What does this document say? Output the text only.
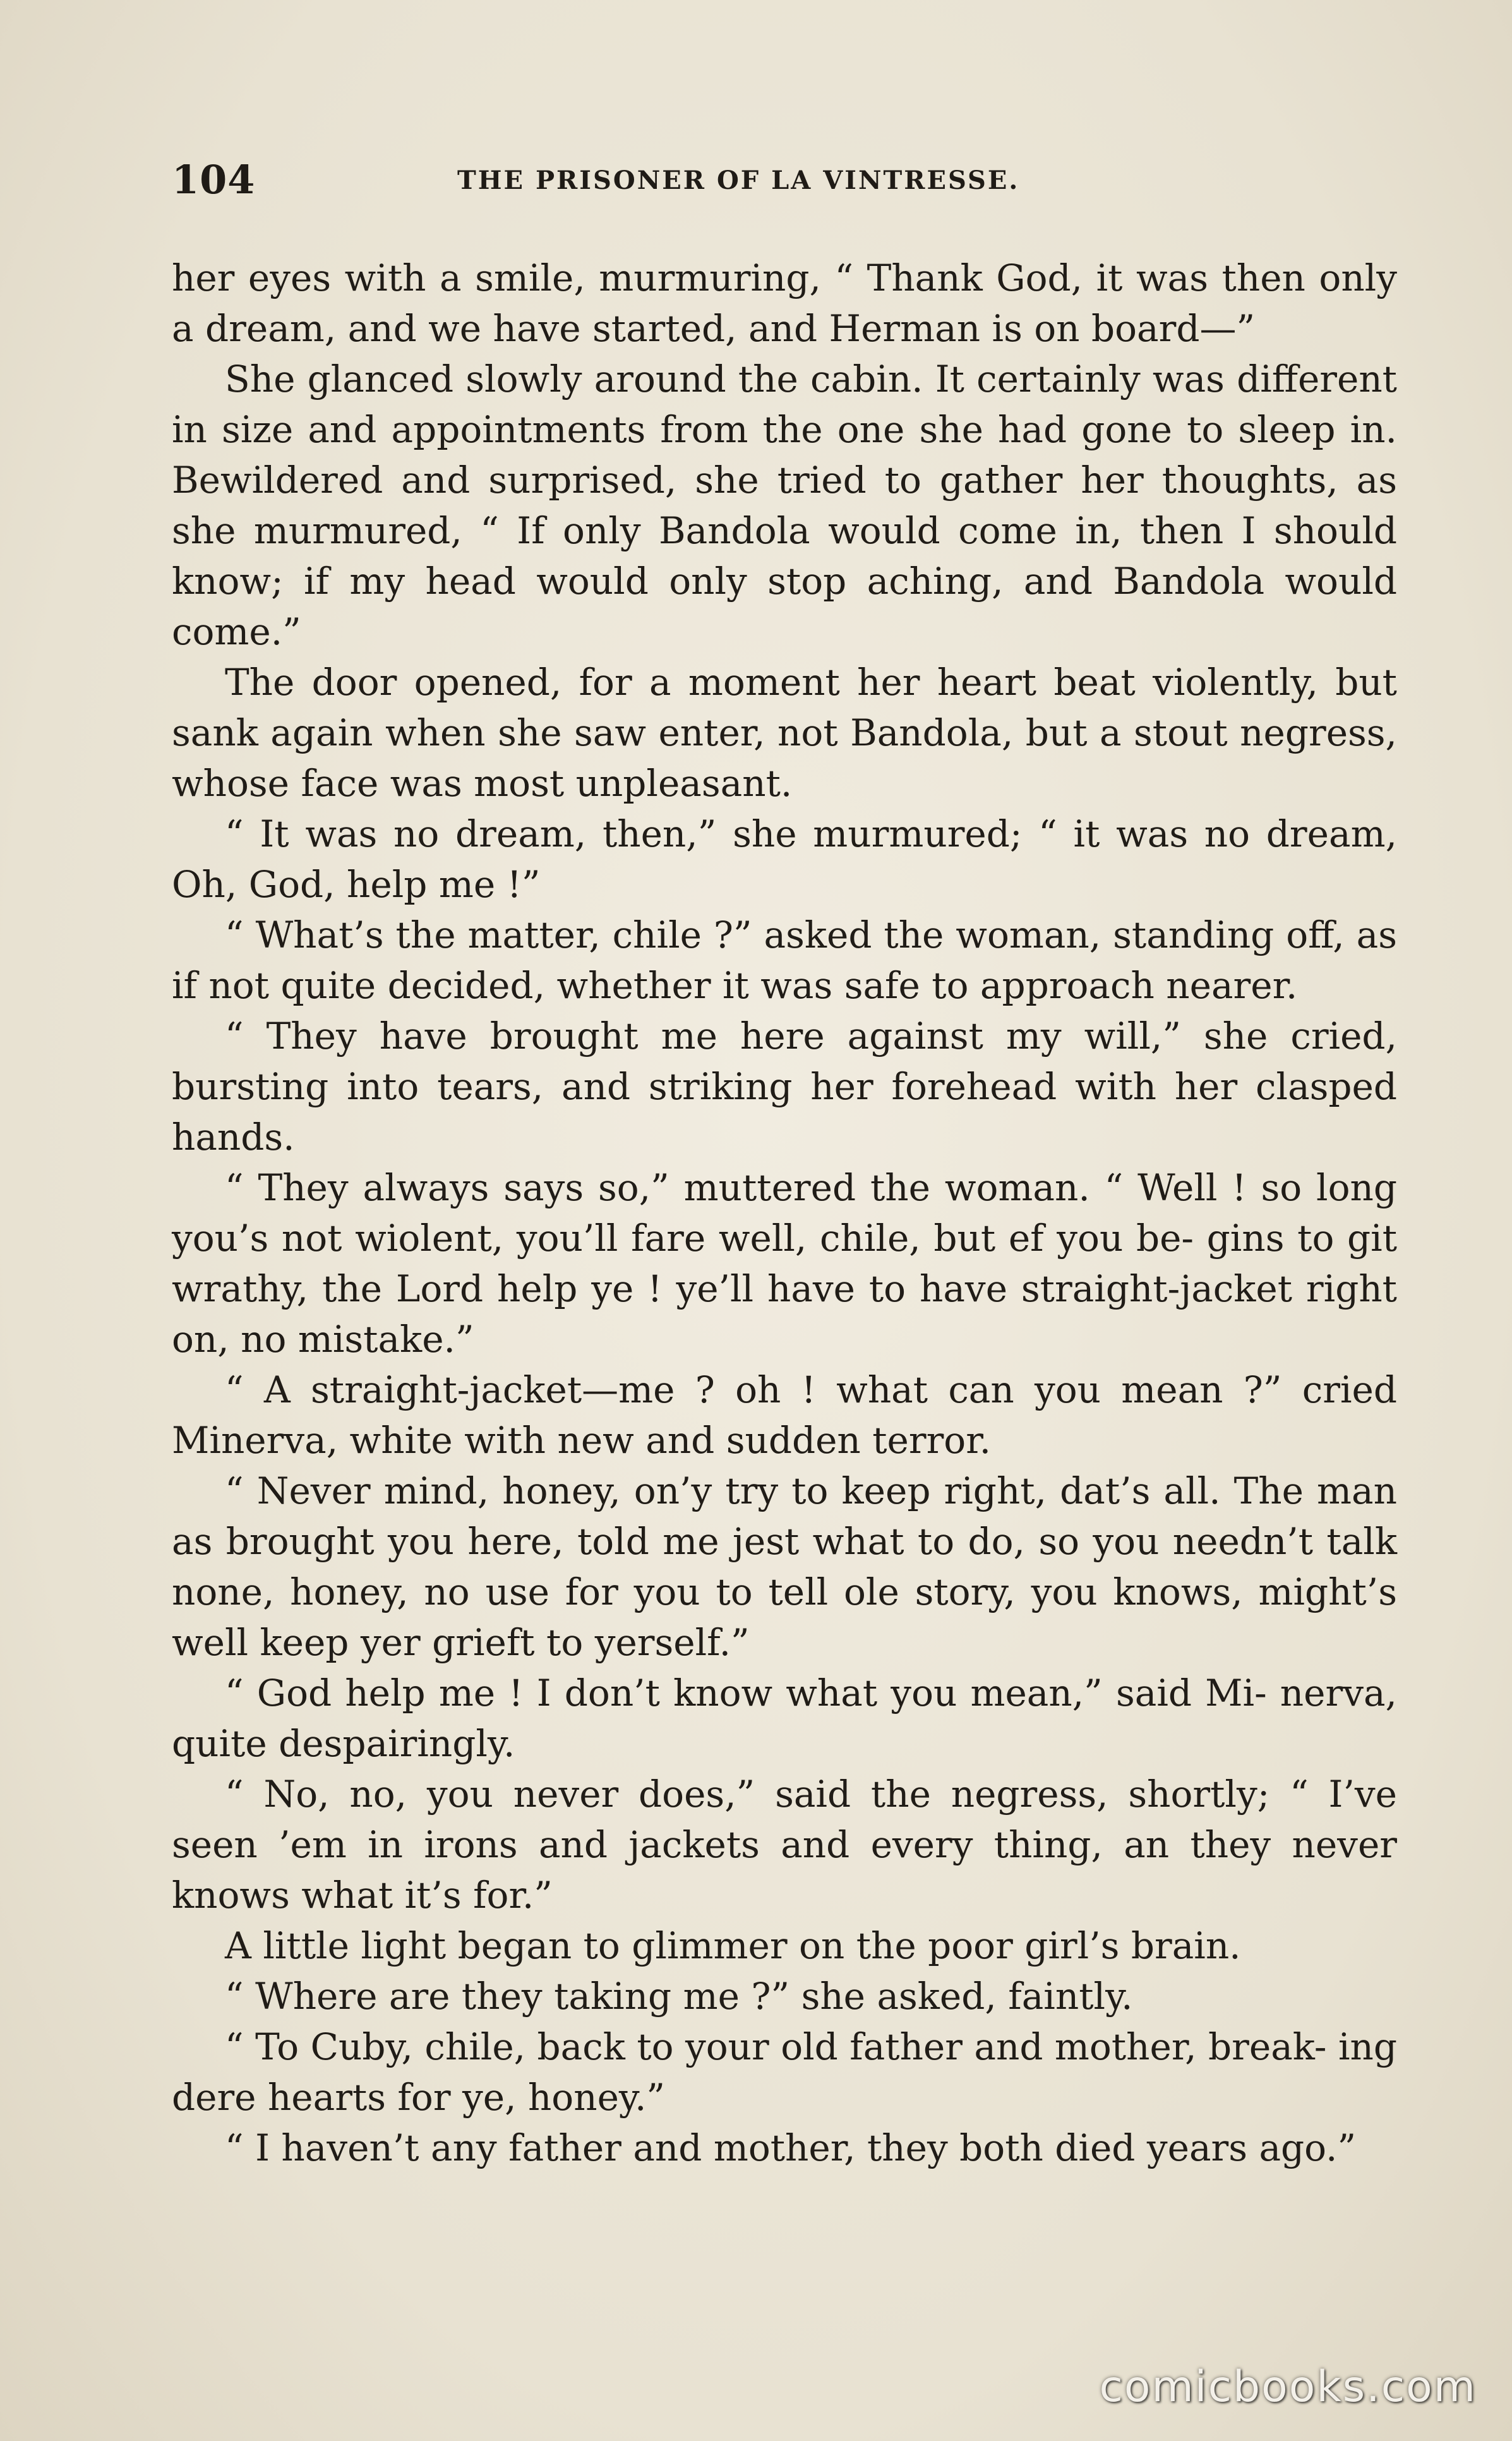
104	THE PRISONER OF LA VINTRESSE.

her eyes with a smile, murmuring, “ Thank God, it was then only a dream, and we have started, and Herman is on board—”

She glanced slowly around the cabin. It certainly was different in size and appointments from the one she had gone to sleep in. Bewildered and surprised, she tried to gather her thoughts, as she murmured, “ If only Bandola would come in, then I should know; if my head would only stop aching, and Bandola would come.”

The door opened, for a moment her heart beat violently, but sank again when she saw enter, not Bandola, but a stout negress, whose face was most unpleasant.

“ It was no dream, then,” she murmured; “ it was no dream, Oh, God, help me !”

“ What’s the matter, chile ?” asked the woman, standing off, as if not quite decided, whether it was safe to approach nearer.

“ They have brought me here against my will,” she cried, bursting into tears, and striking her forehead with her clasped hands.

“ They always says so,” muttered the woman. “ Well ! so long you’s not wiolent, you’ll fare well, chile, but ef you be- gins to git wrathy, the Lord help ye ! ye’ll have to have straight-jacket right on, no mistake.”

“ A straight-jacket—me ? oh ! what can you mean ?” cried Minerva, white with new and sudden terror.

“ Never mind, honey, on’y try to keep right, dat’s all. The man as brought you here, told me jest what to do, so you needn’t talk none, honey, no use for you to tell ole story, you knows, might’s well keep yer grieft to yerself.”

“ God help me ! I don’t know what you mean,” said Mi- nerva, quite despairingly.

“ No, no, you never does,” said the negress, shortly; “ I’ve seen ’em in irons and jackets and every thing, an they never knows what it’s for.”

A little light began to glimmer on the poor girl’s brain.

“ Where are they taking me ?” she asked, faintly.

“ To Cuby, chile, back to your old father and mother, break- ing dere hearts for ye, honey.”

“ I haven’t any father and mother, they both died years ago.”

comicbooks.com
